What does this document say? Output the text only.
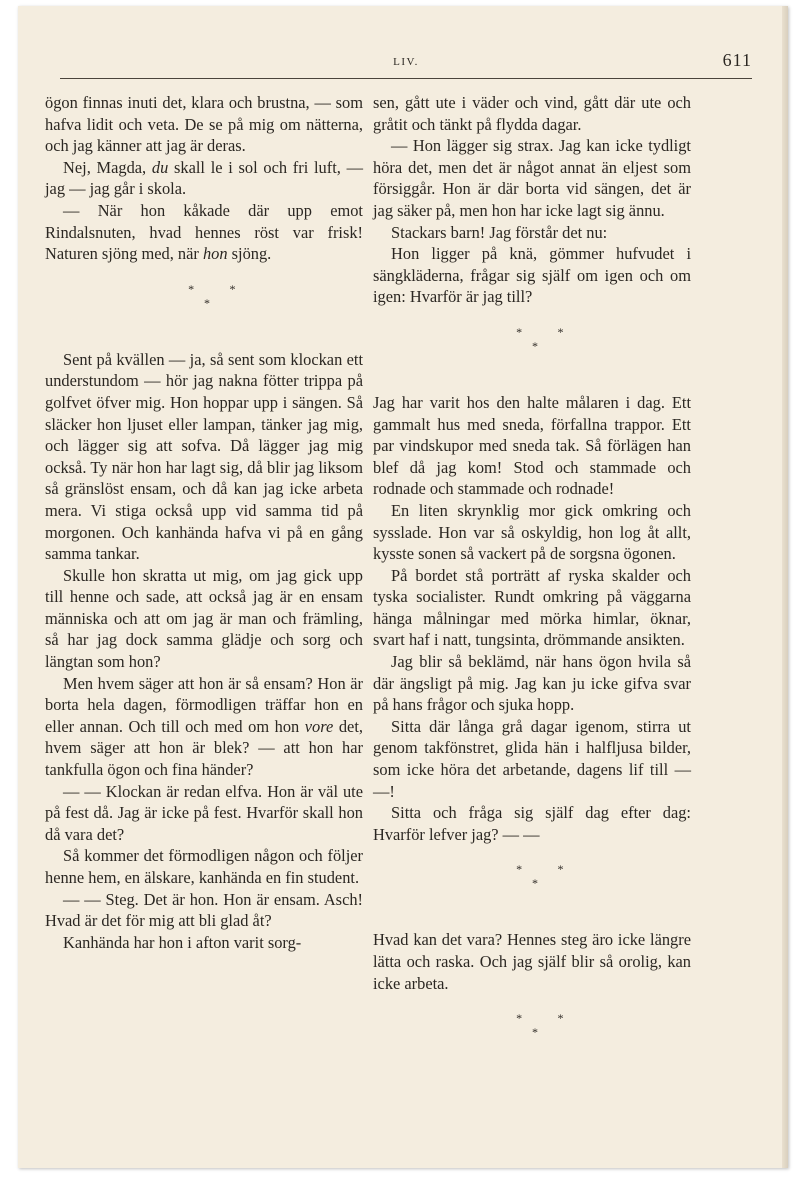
LIV.	611

ögon finnas inuti det, klara och brustna, — som hafva lidit och veta. De se på mig om nätterna, och jag känner att jag är deras.

Nej, Magda, du skall le i sol och fri luft, — jag — jag går i skola.

— När hon kåkade där upp emot Rindalsnuten, hvad hennes röst var frisk! Naturen sjöng med, när hon sjöng.

*
*
*

Sent på kvällen — ja, så sent som klockan ett understundom — hör jag nakna fötter trippa på golfvet öfver mig. Hon hoppar upp i sängen. Så släcker hon ljuset eller lampan, tänker jag mig, och lägger sig att sofva. Då lägger jag mig också. Ty när hon har lagt sig, då blir jag liksom så gränslöst ensam, och då kan jag icke arbeta mera. Vi stiga också upp vid samma tid på morgonen. Och kanhända hafva vi på en gång samma tankar.

Skulle hon skratta ut mig, om jag gick upp till henne och sade, att också jag är en ensam människa och att om jag är man och främling, så har jag dock samma glädje och sorg och längtan som hon?

Men hvem säger att hon är så ensam? Hon är borta hela dagen, förmodligen träffar hon en eller annan. Och till och med om hon vore det, hvem säger att hon är blek? — att hon har tankfulla ögon och fina händer?

— — Klockan är redan elfva. Hon är väl ute på fest då. Jag är icke på fest. Hvarför skall hon då vara det?

Så kommer det förmodligen någon och följer henne hem, en älskare, kanhända en fin student.

— — Steg. Det är hon. Hon är ensam. Asch! Hvad är det för mig att bli glad åt?

Kanhända har hon i afton varit sorg-

sen, gått ute i väder och vind, gått där ute och gråtit och tänkt på flydda dagar.

— Hon lägger sig strax. Jag kan icke tydligt höra det, men det är något annat än eljest som försiggår. Hon är där borta vid sängen, det är jag säker på, men hon har icke lagt sig ännu.

Stackars barn! Jag förstår det nu:

Hon ligger på knä, gömmer hufvudet i sängkläderna, frågar sig själf om igen och om igen: Hvarför är jag till?

*
*
*

Jag har varit hos den halte målaren i dag. Ett gammalt hus med sneda, förfallna trappor. Ett par vindskupor med sneda tak. Så förlägen han blef då jag kom! Stod och stammade och rodnade och stammade och rodnade!

En liten skrynklig mor gick omkring och sysslade. Hon var så oskyldig, hon log åt allt, kysste sonen så vackert på de sorgsna ögonen.

På bordet stå porträtt af ryska skalder och tyska socialister. Rundt omkring på väggarna hänga målningar med mörka himlar, öknar, svart haf i natt, tungsinta, drömmande ansikten.

Jag blir så beklämd, när hans ögon hvila så där ängsligt på mig. Jag kan ju icke gifva svar på hans frågor och sjuka hopp.

Sitta där långa grå dagar igenom, stirra ut genom takfönstret, glida hän i halfljusa bilder, som icke höra det arbetande, dagens lif till — —!

Sitta och fråga sig själf dag efter dag: Hvarför lefver jag? — —

*
*
*

Hvad kan det vara? Hennes steg äro icke längre lätta och raska. Och jag själf blir så orolig, kan icke arbeta.

*
*
*
